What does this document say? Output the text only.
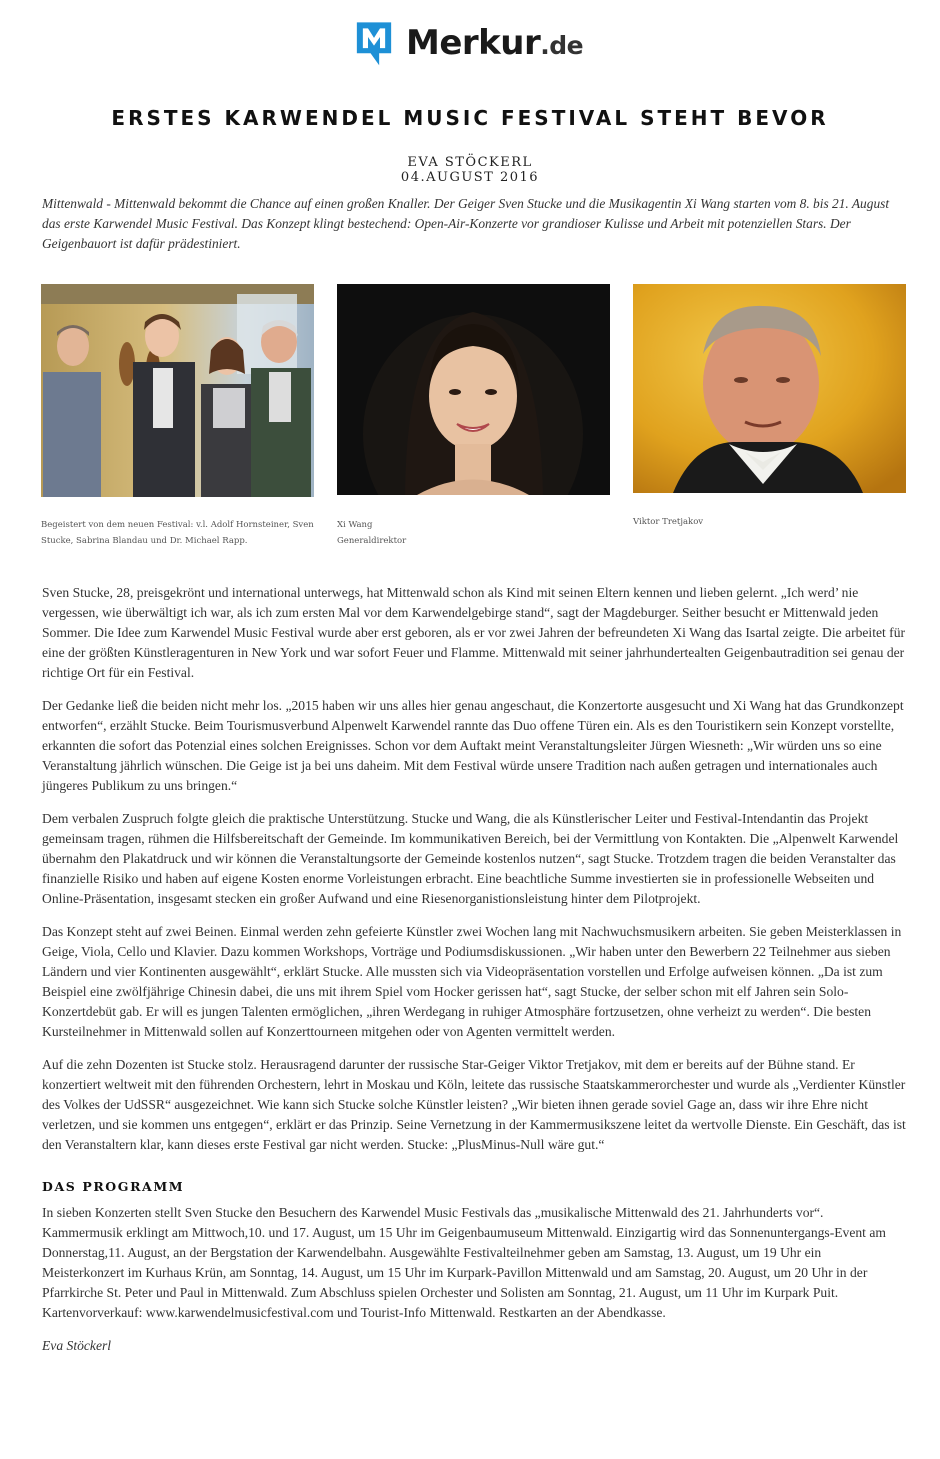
Merkur.de
ERSTES KARWENDEL MUSIC FESTIVAL STEHT BEVOR
EVA STÖCKERL
04.AUGUST 2016

Mittenwald - Mittenwald bekommt die Chance auf einen großen Knaller. Der Geiger Sven Stucke und die Musikagentin Xi Wang starten vom 8. bis 21. August das erste Karwendel Music Festival. Das Konzept klingt bestechend: Open-Air-Konzerte vor grandioser Kulisse und Arbeit mit potenziellen Stars. Der Geigenbauort ist dafür prädestiniert.

Begeistert von dem neuen Festival: v.l. Adolf Hornsteiner, Sven Stucke, Sabrina Blandau und Dr. Michael Rapp.
Xi Wang
Generaldirektor
Viktor Tretjakov

Sven Stucke, 28, preisgekrönt und international unterwegs, hat Mittenwald schon als Kind mit seinen Eltern kennen und lieben gelernt. „Ich werd’ nie vergessen, wie überwältigt ich war, als ich zum ersten Mal vor dem Karwendelgebirge stand“, sagt der Magdeburger. Seither besucht er Mittenwald jeden Sommer. Die Idee zum Karwendel Music Festival wurde aber erst geboren, als er vor zwei Jahren der befreundeten Xi Wang das Isartal zeigte. Die arbeitet für eine der größten Künstleragenturen in New York und war sofort Feuer und Flamme. Mittenwald mit seiner jahrhundertealten Geigenbautradition sei genau der richtige Ort für ein Festival.

Der Gedanke ließ die beiden nicht mehr los. „2015 haben wir uns alles hier genau angeschaut, die Konzertorte ausgesucht und Xi Wang hat das Grundkonzept entworfen“, erzählt Stucke. Beim Tourismusverbund Alpenwelt Karwendel rannte das Duo offene Türen ein. Als es den Touristikern sein Konzept vorstellte, erkannten die sofort das Potenzial eines solchen Ereignisses. Schon vor dem Auftakt meint Veranstaltungsleiter Jürgen Wiesneth: „Wir würden uns so eine Veranstaltung jährlich wünschen. Die Geige ist ja bei uns daheim. Mit dem Festival würde unsere Tradition nach außen getragen und internationales auch jüngeres Publikum zu uns bringen.“

Dem verbalen Zuspruch folgte gleich die praktische Unterstützung. Stucke und Wang, die als Künstlerischer Leiter und Festival-Intendantin das Projekt gemeinsam tragen, rühmen die Hilfsbereitschaft der Gemeinde. Im kommunikativen Bereich, bei der Vermittlung von Kontakten. Die „Alpenwelt Karwendel übernahm den Plakatdruck und wir können die Veranstaltungsorte der Gemeinde kostenlos nutzen“, sagt Stucke. Trotzdem tragen die beiden Veranstalter das finanzielle Risiko und haben auf eigene Kosten enorme Vorleistungen erbracht. Eine beachtliche Summe investierten sie in professionelle Webseiten und Online-Präsentation, insgesamt stecken ein großer Aufwand und eine Riesenorganistionsleistung hinter dem Pilotprojekt.

Das Konzept steht auf zwei Beinen. Einmal werden zehn gefeierte Künstler zwei Wochen lang mit Nachwuchsmusikern arbeiten. Sie geben Meisterklassen in Geige, Viola, Cello und Klavier. Dazu kommen Workshops, Vorträge und Podiumsdiskussionen. „Wir haben unter den Bewerbern 22 Teilnehmer aus sieben Ländern und vier Kontinenten ausgewählt“, erklärt Stucke. Alle mussten sich via Videopräsentation vorstellen und Erfolge aufweisen können. „Da ist zum Beispiel eine zwölfjährige Chinesin dabei, die uns mit ihrem Spiel vom Hocker gerissen hat“, sagt Stucke, der selber schon mit elf Jahren sein Solo-Konzertdebüt gab. Er will es jungen Talenten ermöglichen, „ihren Werdegang in ruhiger Atmosphäre fortzusetzen, ohne verheizt zu werden“. Die besten Kursteilnehmer in Mittenwald sollen auf Konzerttourneen mitgehen oder von Agenten vermittelt werden.

Auf die zehn Dozenten ist Stucke stolz. Herausragend darunter der russische Star-Geiger Viktor Tretjakov, mit dem er bereits auf der Bühne stand. Er konzertiert weltweit mit den führenden Orchestern, lehrt in Moskau und Köln, leitete das russische Staatskammerorchester und wurde als „Verdienter Künstler des Volkes der UdSSR“ ausgezeichnet. Wie kann sich Stucke solche Künstler leisten? „Wir bieten ihnen gerade soviel Gage an, dass wir ihre Ehre nicht verletzen, und sie kommen uns entgegen“, erklärt er das Prinzip. Seine Vernetzung in der Kammermusikszene leitet da wertvolle Dienste. Ein Geschäft, das ist den Veranstaltern klar, kann dieses erste Festival gar nicht werden. Stucke: „PlusMinus-Null wäre gut.“

DAS PROGRAMM

In sieben Konzerten stellt Sven Stucke den Besuchern des Karwendel Music Festivals das „musikalische Mittenwald des 21. Jahrhunderts vor“. Kammermusik erklingt am Mittwoch,10. und 17. August, um 15 Uhr im Geigenbaumuseum Mittenwald. Einzigartig wird das Sonnenuntergangs-Event am Donnerstag,11. August, an der Bergstation der Karwendelbahn. Ausgewählte Festivalteilnehmer geben am Samstag, 13. August, um 19 Uhr ein Meisterkonzert im Kurhaus Krün, am Sonntag, 14. August, um 15 Uhr im Kurpark-Pavillon Mittenwald und am Samstag, 20. August, um 20 Uhr in der Pfarrkirche St. Peter und Paul in Mittenwald. Zum Abschluss spielen Orchester und Solisten am Sonntag, 21. August, um 11 Uhr im Kurpark Puit. Kartenvorverkauf: www.karwendelmusicfestival.com und Tourist-Info Mittenwald. Restkarten an der Abendkasse.

Eva Stöckerl
